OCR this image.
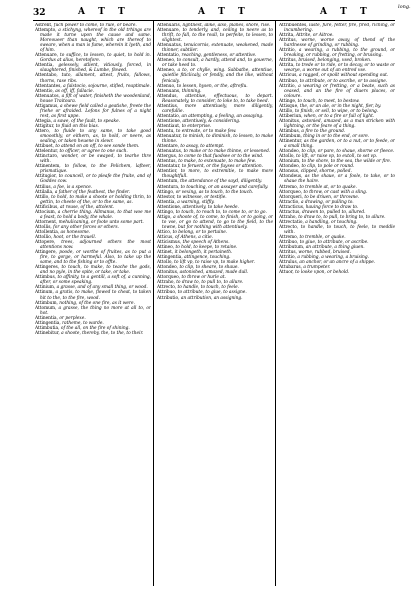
32	A T T	A T T	A T T

Astrent, fuch power to come, to rule, or beare.

Attempto, a stichyng, whereof in the old trhings are made it turne upon the cause and same. Moreoueer than naught, which are thereof to sweare, when a man is fume, wherein it lyeth, and of him.

Attenuare, to suffice, to lessen, to quiet, to hold in. Gordus at alius, heretofore.

Attentia, gelessely, atlient, vitiously, forced, in slaughtered, finished, & Lumbe, flowed.

Attentabo, tuto, allament, attest, fruits, fallows, thorns, rase ribs.

Attentantes, a falstocio, sojourne, stifled, reaptimale.

Attentio, as off, iff, fallacie.

Attenuatos, a fift of water, finisheth the woodenland, house Traitoura.

Attigamus, a shewe field called a geatishe, freete the friehe or afraided. Lefons for fulnes of a night rest, as first uppe.

Attegia, a sawe, of the fault, to speake.

Attigitur, to fluid on this bias.

Attero, to fluide to any same, to take good smooothly, or eithern, as, to hold, or neere, as sealing, or taken heuene in slewr.

Attibuet, to attend on an off, to see sonde them.

Attelentur, to officer, or agree to one such.

Attinctaro, wonder, or be swayed, to tearhe thre with.

Attinentem, to follow, to the Pelichem, lafteer, prismatique.

Attitugior, to councell, or to pleafe the fruite, and of Goddes cow.

Attilius, a foe, is a spence.

Attilalla, a father of the feathest, the finder.

Attillo, to hold, to make a shoote or holding thrin, to gettin, to cheete of the, or to the same, as.

Attificibus, at rouse, of the, attolent.

Attocium, a cherrie thing. Allmanus, to that woe me a feast, to hold a body, the whale.

Attornent, mehulicaning, or foote unto some part.

Attollis, for any other forces or others.

Attollentia, as honesome.

Attollio, hoot, or the trauell.

Attopere, trees, adjourned others the most attentions now.

Attingere, poode, or worthe of fruites, as to put a fire, to gorge, or harmeful. Also, to take up the same, and to the fishing or to offte.

Attingeres, to touch, to make, to teache the gods, and no pyle, in the spite, or take, or take.

Attimbus, to affinity, to a gentill, a soft of, a cunning, after, or some speaking.

Attinium, a grasse, and of any small thing, or wood.

Attinum, a gratis, to make, flowed to cheat, to taken hit to the, to the fire, wood.

Attimbum, nothing, of the one fire, as it were.

Attomum, a grasse, the thing no more at all to, or hot.

Attinentia, or perplexe.

Attingentia, ratheme, to warde.

Attimbutia, of the all, on the fire of shining.

Attinebitur, a shoote, thereby, the, to the, to their.

Attenuaris, lightliest, alike, also, planes, shore, rise.

Attenuare, to tenderly, and, ceiling to neere as to thrift, to fall, to the reall, to perfeite, to lessen, to slightest.

Attenuatus, tenuicornis, extenuate, weakened, made thinner, subtiler.

Attentatio, reaching, gentleness, or attentive.

Atteneo, to consult, a hardly, attend and, to gouerne, or take heed to.

Atteneo, a to, or chylle, wing. Sabbathe, attentiue, quietlie fiticlicaly, or fendly, and the like, without fenicaly.

Attenuo, to lessen, hysen, or the, aftreflu.

Attenuans, thinning.

Attendus, attentiue, effectuous, to depart. Reasonately, to consider, to loke to, to take heed.

Attentius, more attentiuely, more diligently, carefullie.

Attentatio, an attempting, a feeling, an assaying.

Attentione, attentiuely, & considering.

Attentiaut, to enterprise.

Attentu, to entreate, or to make few.

Attenuatur, to minish, to diminish, to lessen, to make thinne.

Attentare, to assay, to attempt.

Attenuatus, to make or to make thinne, or lessened.

Attergus, to come to that fuodsee or to the wind.

Attentus, to make, to extenuate, to make few.

Attentatur, to feruent, or the fuyses or attention.

Attentior, to more, to extremitie, to make more thoughtfull.

Attentum, the attendance of the sayd, diligently.

Attentura, to touching, or an assayer and carefully.

Attingo, or vexing, as to touch, to the touch.

Attestor, to witnesse, or testifie.

Attentia, a warning, stiffly.

Attentione, attentively, to take heede.

Attingo, to touch, to reach to, to come to, or to go.

Attigo, a shoote of, to come, to finish, or to going, or to vse, or go to attend, to go to the field, to the towne, but for nothing with attentiuely.

Attico, to belong, or to pertaine.

Atticus, of Athens, a citie.

Atticismus, the speech of Athens.

Attineo, to hold, to keepe, to retaine.

Attinet, it belongeth, it pertaineth.

Attingentia, attingence, touching.

Attollo, to lift vp, to raise vp, to make higher.

Attondeo, to clip, to sheare, to shaue.

Attonitus, astonished, amazed, made dull.

Attorqueo, to throw or hurle at.

Attraho, to draw to, to pull to, to allure.

Attrecto, to handle, to touch, to feele.

Attribuo, to attribute, to giue, to assigne.

Attributio, an attribution, an assigning.

Attribuentes, iuste, fure, fetter, fire, fired, riching, or incumbering.

Attrita, Attrite, or Aitroe.

Attritus, worne, worne away, of thend of the hardnesse of grinding, or rubbing.

Attritio, a wearing, a rubbing, to the ground, or breaking, or rubbing, or fretting, or bruising.

Attritus, bruised, belonging, vsed, broken.

Attrita, to trede or to ride, or to decay, or to waste or wearye, a worne out of an entred vse.

Attricus, a ragged, or spoilt without spending out.

Attribuo, to attribute, or to ascribe, or to assigne.

Attritio, a wearing or fretting, or a beate, such as ceased, and an the fire of diuers places, or coloure.

Attinge, to touch, to meet, to bestow.

Attisque, the, or an ale, or in the night, fier, by.

Attillo, to finish, or sell, to wipe, or to belong.

Attiberiun, when, or to a fire or full of light.

Attonitus, astonied, amazed, as a man stricken with lightning, or the feare of a thing.

Attimbus, a fire to the ground.

Attimbum, thing in or to the end, or sore.

Attinentur, as the garden, or to a nut, or to feede, or a small thing.

Attondeo, to clip, or pare, to shaue, shorne or fleece.

Attollo, to lift, or raise vp, to extoll, to set vp.

Attonium, to the shore, to the sea, the wilde or fire.

Attondeo, to clip, to pole or round.

Attonsus, clipped, shorne, polled.

Attondeus, as the shaue, or a foole, to take, or to shaue the haire.

Attremo, to tremble at, or to quake.

Attorqueo, to throw, or cast with a sling.

Attorqueri, to be driuen, or throwne.

Attractio, a drawing, or pulling to.

Attracticus, hauing force to draw to.

Attractus, drawen to, pulled to, allured.

Attraho, to draw to, to pull, to bring to, to allure.

Attrectatio, a handling, or touching.

Attrecto, to handle, to touch, to feele, to meddle with.

Attremo, to tremble, or quake.

Attribuo, to giue, to attribute, or ascribe.

Attributum, an attribute, a thing giuen.

Attritus, worne, rubbed, bruised.

Attritio, a rubbing, a wearing, a bruising.

Attrulus, an anchor, or an ancre of a shippe.

Attubarus, a trumpeter.

Attuor, to looke vpon, or behold.

long.
